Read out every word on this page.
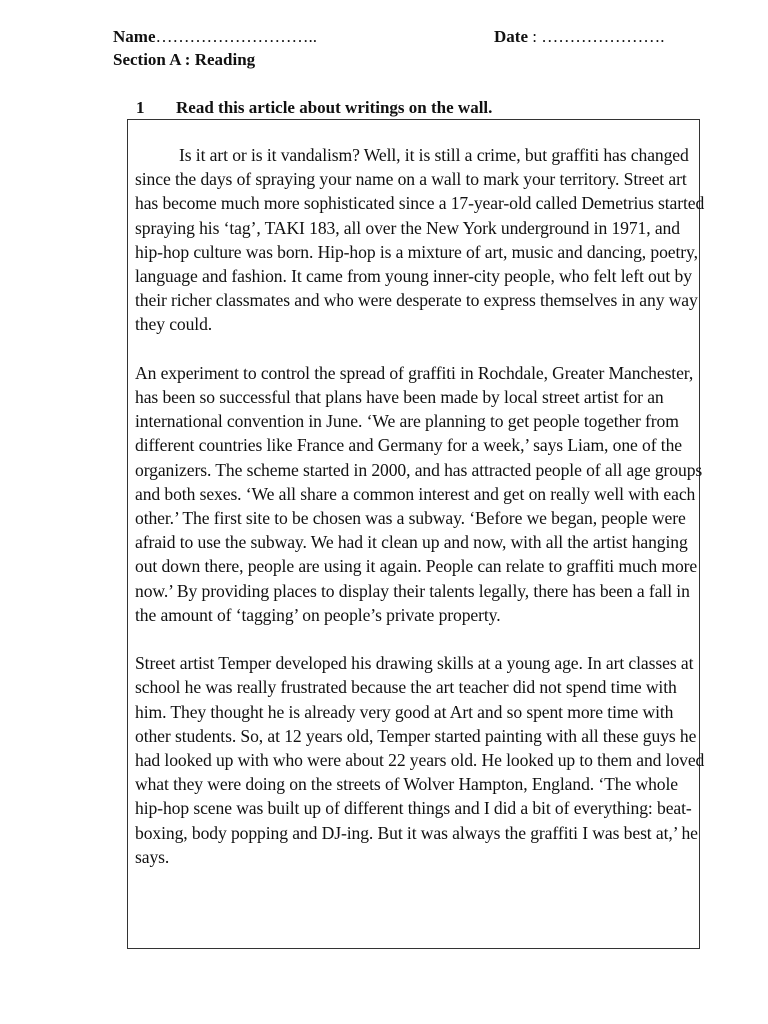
Name………………………..	Date : ………………….
Section A : Reading
1 Read this article about writings on the wall.

Is it art or is it vandalism? Well, it is still a crime, but graffiti has changed since the days of spraying your name on a wall to mark your territory. Street art has become much more sophisticated since a 17-year-old called Demetrius started spraying his ‘tag’, TAKI 183, all over the New York underground in 1971, and hip-hop culture was born. Hip-hop is a mixture of art, music and dancing, poetry, language and fashion. It came from young inner-city people, who felt left out by their richer classmates and who were desperate to express themselves in any way they could.

An experiment to control the spread of graffiti in Rochdale, Greater Manchester, has been so successful that plans have been made by local street artist for an international convention in June. ‘We are planning to get people together from different countries like France and Germany for a week,’ says Liam, one of the organizers. The scheme started in 2000, and has attracted people of all age groups and both sexes. ‘We all share a common interest and get on really well with each other.’ The first site to be chosen was a subway. ‘Before we began, people were afraid to use the subway. We had it clean up and now, with all the artist hanging out down there, people are using it again. People can relate to graffiti much more now.’ By providing places to display their talents legally, there has been a fall in the amount of ‘tagging’ on people’s private property.

Street artist Temper developed his drawing skills at a young age. In art classes at school he was really frustrated because the art teacher did not spend time with him. They thought he is already very good at Art and so spent more time with other students. So, at 12 years old, Temper started painting with all these guys he had looked up with who were about 22 years old. He looked up to them and loved what they were doing on the streets of Wolver Hampton, England. ‘The whole hip-hop scene was built up of different things and I did a bit of everything: beat-boxing, body popping and DJ-ing. But it was always the graffiti I was best at,’ he says.
